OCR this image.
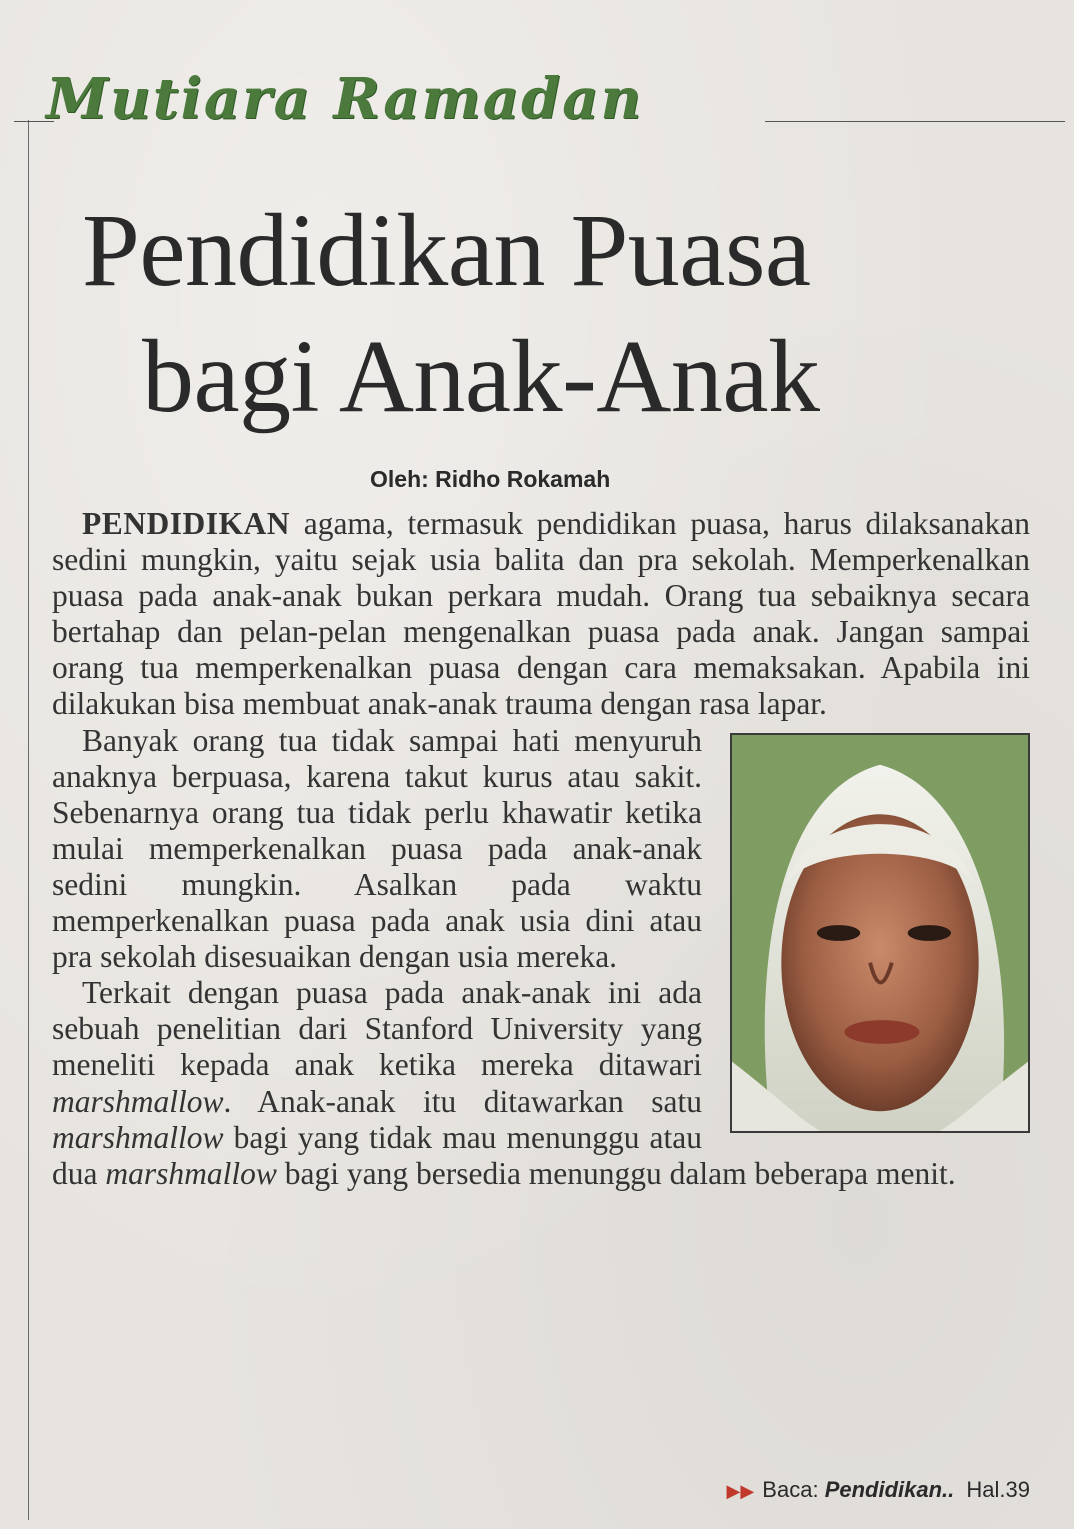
Mutiara Ramadan
Pendidikan Puasa
bagi Anak-Anak
Oleh: Ridho Rokamah

PENDIDIKAN agama, termasuk pendidikan puasa, harus dilaksanakan sedini mungkin, yaitu sejak usia balita dan pra sekolah. Memperkenalkan puasa pada anak-anak bukan perkara mudah. Orang tua sebaiknya secara bertahap dan pelan-pelan mengenalkan puasa pada anak. Jangan sampai orang tua memperkenalkan puasa dengan cara memaksakan. Apabila ini dilakukan bisa membuat anak-anak trauma dengan rasa lapar.

Banyak orang tua tidak sampai hati menyuruh anaknya berpuasa, karena takut kurus atau sakit. Sebenarnya orang tua tidak perlu khawatir ketika mulai memperkenalkan puasa pada anak-anak sedini mungkin. Asalkan pada waktu memperkenalkan puasa pada anak usia dini atau pra sekolah disesuaikan dengan usia mereka.

Terkait dengan puasa pada anak-anak ini ada sebuah penelitian dari Stanford University yang meneliti kepada anak ketika mereka ditawari marshmallow. Anak-anak itu ditawarkan satu marshmallow bagi yang tidak mau menunggu atau dua marshmallow bagi yang bersedia menunggu dalam beberapa menit.

▶▶ Baca: Pendidikan.. Hal.39
